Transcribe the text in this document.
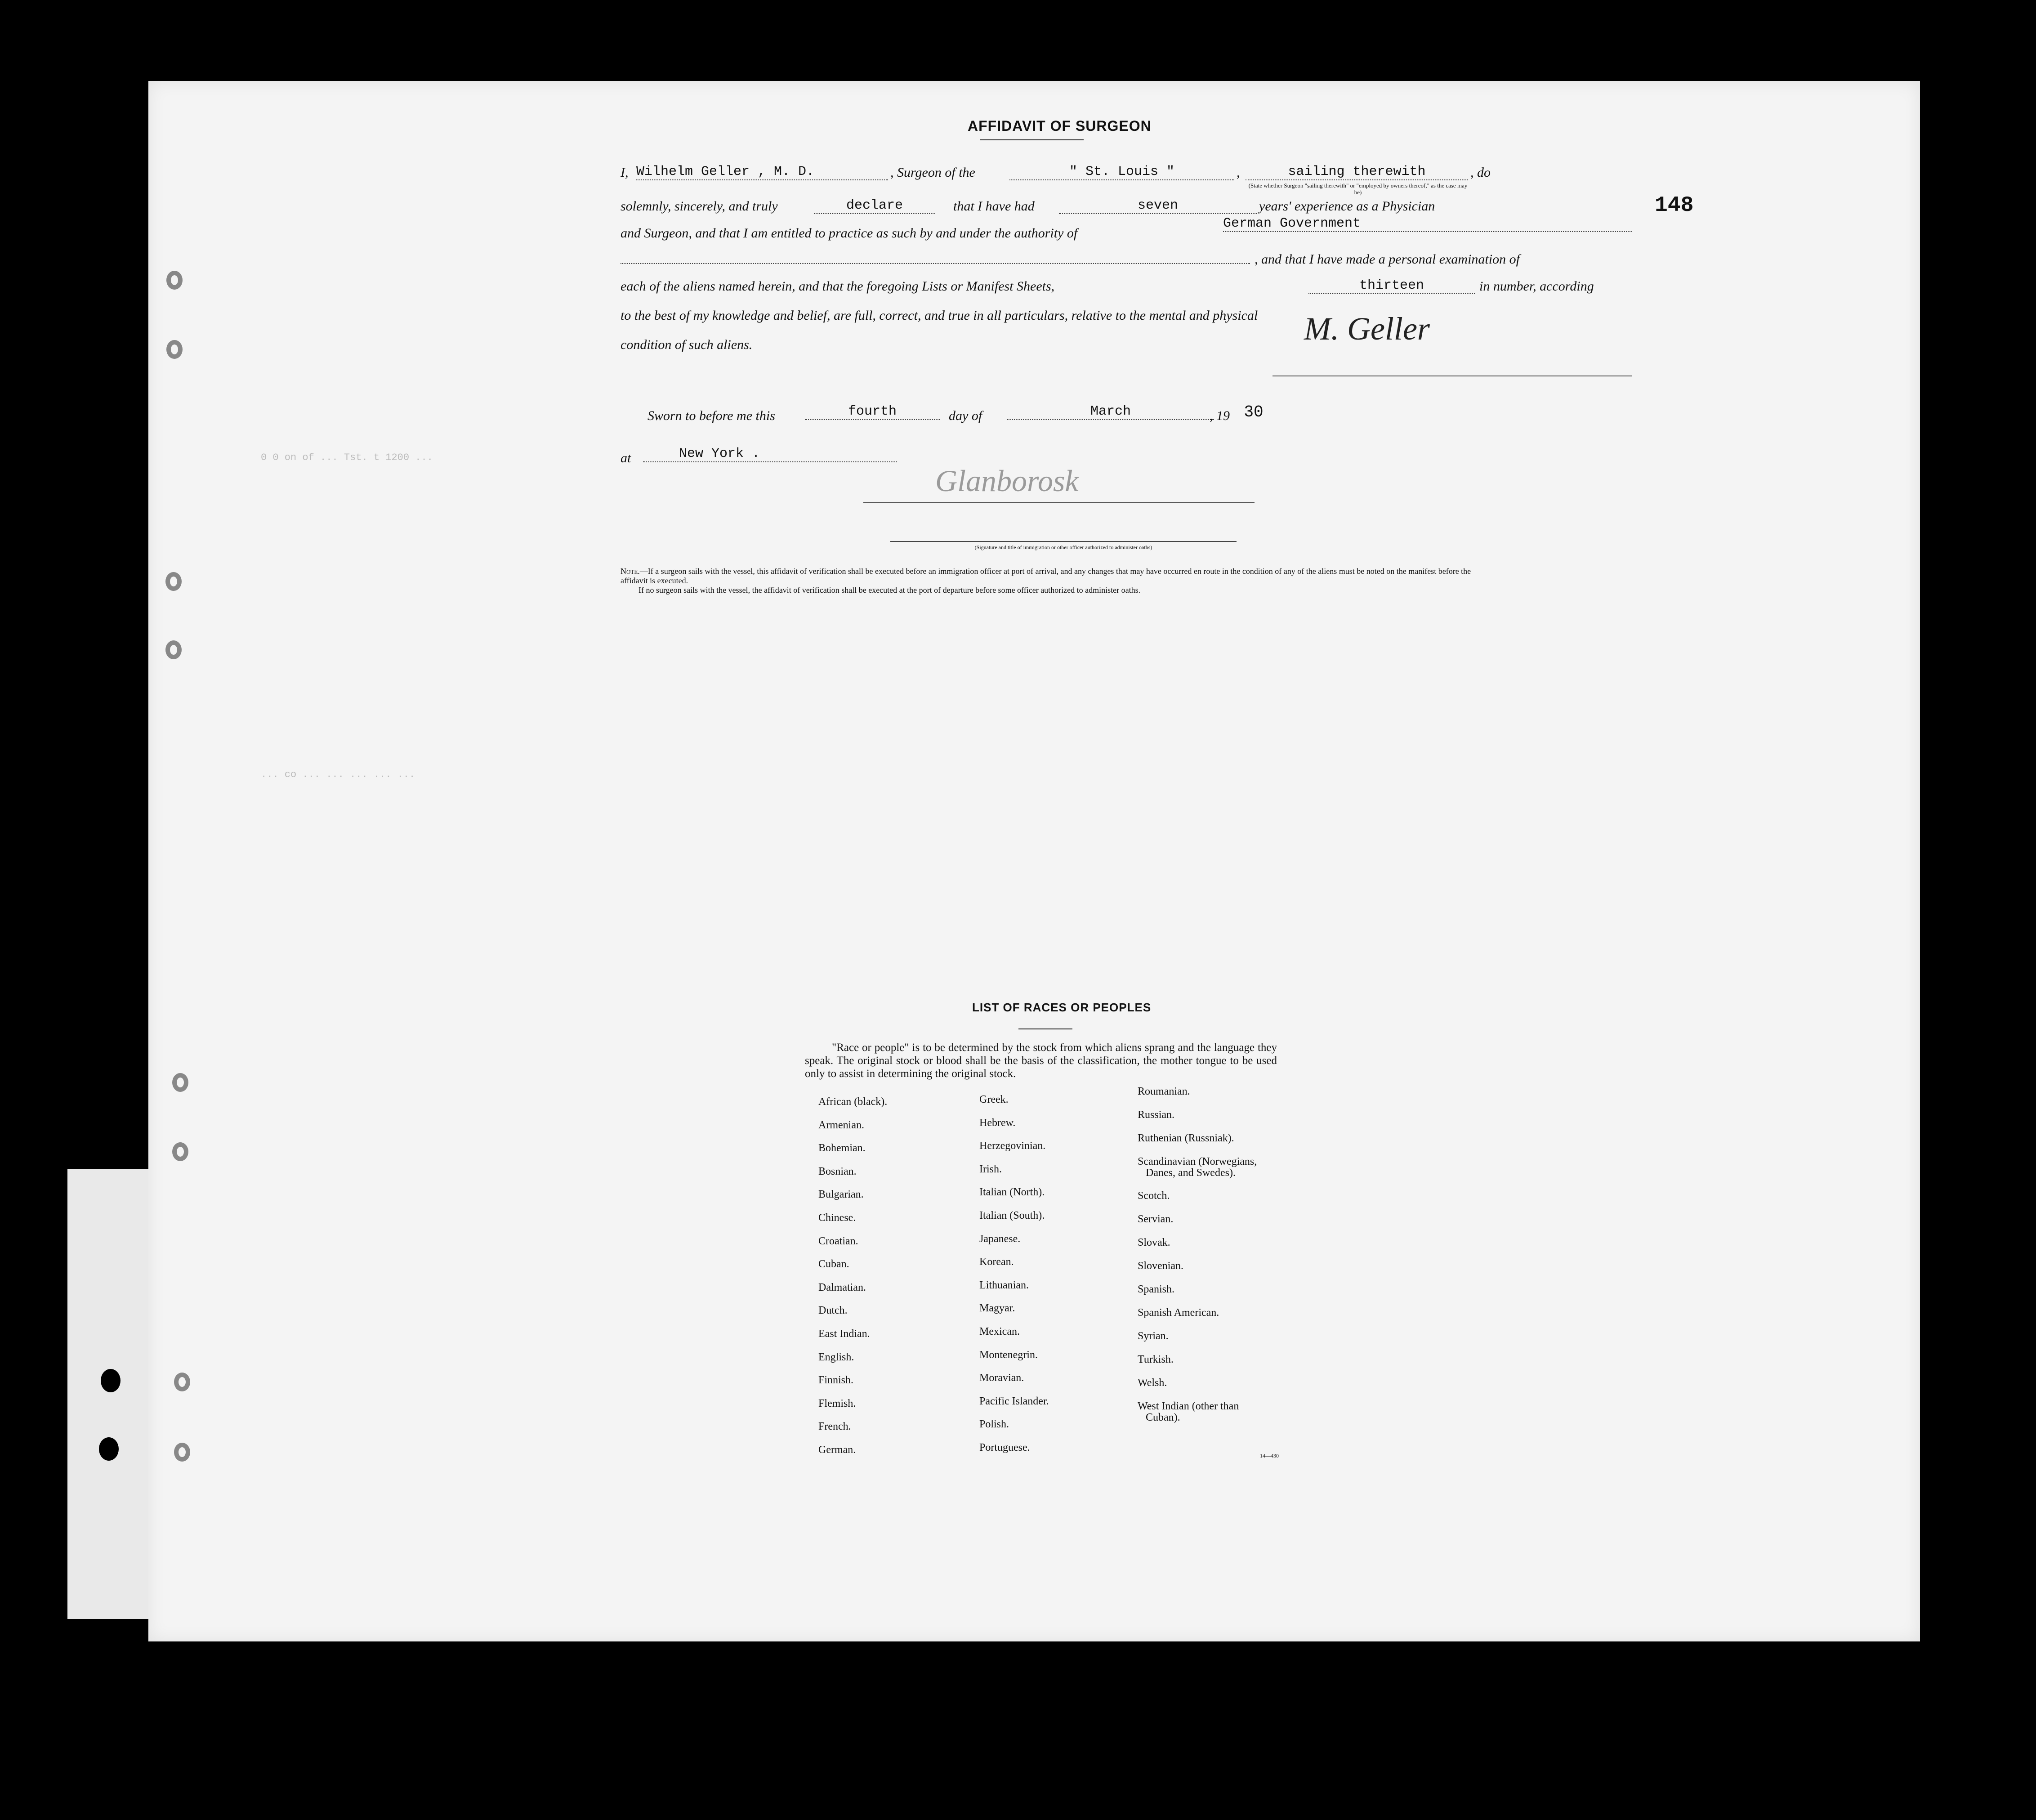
0 0 on of ... Tst. t 1200 ...
... co ... ... ... ... ...
AFFIDAVIT OF SURGEON
148
I, Wilhelm Geller , M. D.	, Surgeon of the	" St. Louis "	,	sailing therewith	, do
(State whether Surgeon "sailing therewith" or "employed by owners thereof," as the case may be)
solemnly, sincerely, and truly	declare	that I have had	seven	years' experience as a Physician
and Surgeon, and that I am entitled to practice as such by and under the authority of
German Government
, and that I have made a personal examination of
each of the aliens named herein, and that the foregoing Lists or Manifest Sheets,	thirteen	in number, according
to the best of my knowledge and belief, are full, correct, and true in all particulars, relative to the mental and physical
condition of such aliens.	M. Geller
Sworn to before me this	fourth	day of	March	, 19 30
at	New York .
Glanborosk
(Signature and title of immigration or other officer authorized to administer oaths)
Note.—If a surgeon sails with the vessel, this affidavit of verification shall be executed before an immigration officer at port of arrival, and any changes that may have occurred en route in the condition of any of the aliens must be noted on the manifest before the affidavit is executed.
If no surgeon sails with the vessel, the affidavit of verification shall be executed at the port of departure before some officer authorized to administer oaths.
LIST OF RACES OR PEOPLES
"Race or people" is to be determined by the stock from which aliens sprang and the language they speak. The original stock or blood shall be the basis of the classification, the mother tongue to be used only to assist in determining the original stock.
African (black).
Armenian.
Bohemian.
Bosnian.
Bulgarian.
Chinese.
Croatian.
Cuban.
Dalmatian.
Dutch.
East Indian.
English.
Finnish.
Flemish.
French.
German.
Greek.
Hebrew.
Herzegovinian.
Irish.
Italian (North).
Italian (South).
Japanese.
Korean.
Lithuanian.
Magyar.
Mexican.
Montenegrin.
Moravian.
Pacific Islander.
Polish.
Portuguese.
Roumanian.
Russian.
Ruthenian (Russniak).
Scandinavian (Norwegians,
Danes, and Swedes).
Scotch.
Servian.
Slovak.
Slovenian.
Spanish.
Spanish American.
Syrian.
Turkish.
Welsh.
West Indian (other than
Cuban).
14—430
